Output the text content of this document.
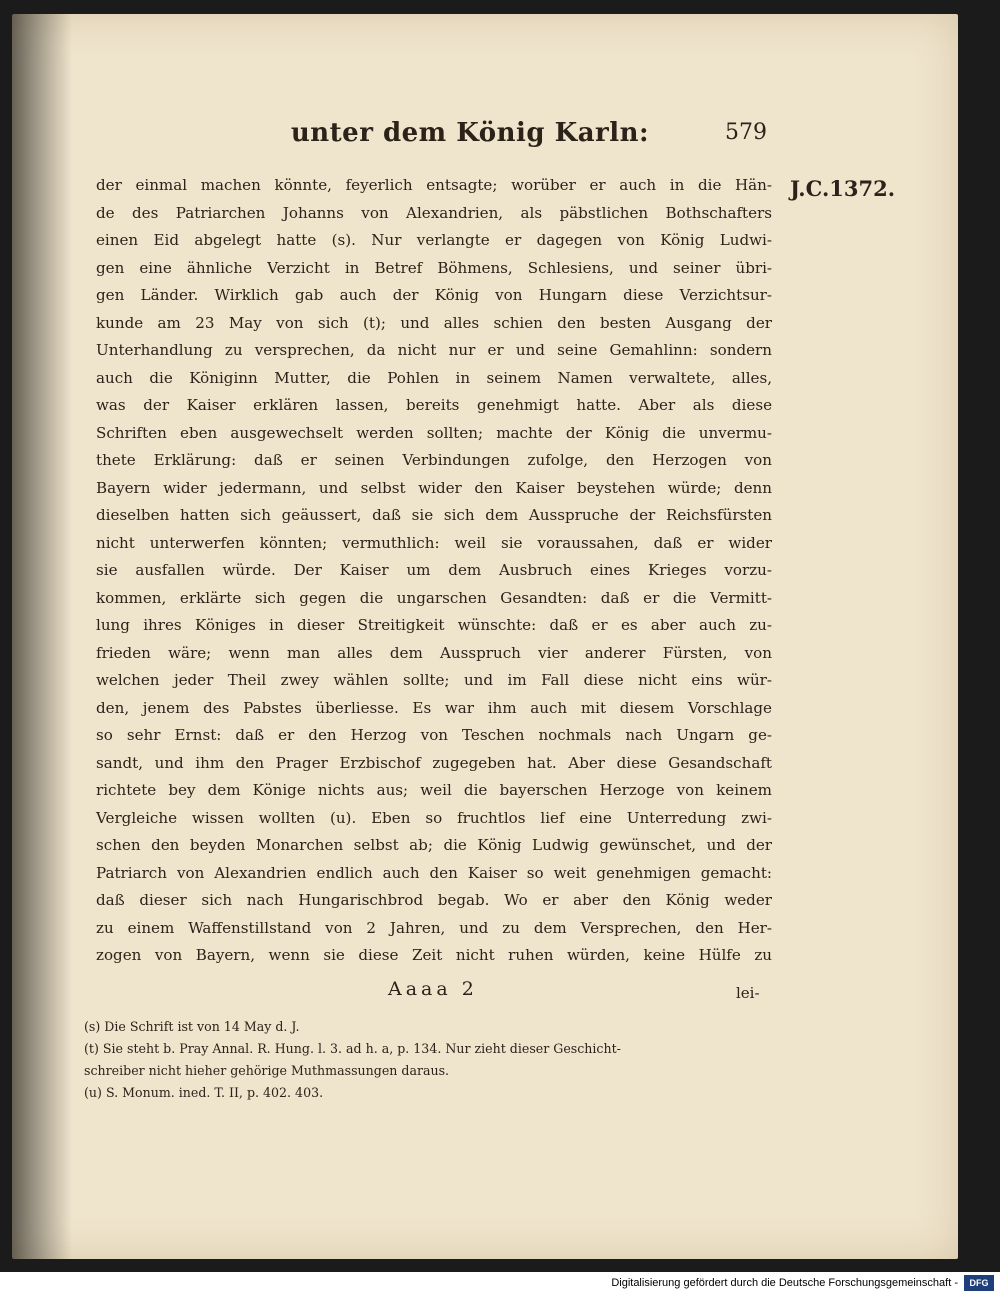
unter dem König Karln:	579
J.C.1372.
der einmal machen könnte, feyerlich entsagte; worüber er auch in die Hän-
de des Patriarchen Johanns von Alexandrien, als päbstlichen Bothschafters
einen Eid abgelegt hatte (s). Nur verlangte er dagegen von König Ludwi-
gen eine ähnliche Verzicht in Betref Böhmens, Schlesiens, und seiner übri-
gen Länder. Wirklich gab auch der König von Hungarn diese Verzichtsur-
kunde am 23 May von sich (t); und alles schien den besten Ausgang der
Unterhandlung zu versprechen, da nicht nur er und seine Gemahlinn: sondern
auch die Königinn Mutter, die Pohlen in seinem Namen verwaltete, alles,
was der Kaiser erklären lassen, bereits genehmigt hatte. Aber als diese
Schriften eben ausgewechselt werden sollten; machte der König die unvermu-
thete Erklärung: daß er seinen Verbindungen zufolge, den Herzogen von
Bayern wider jedermann, und selbst wider den Kaiser beystehen würde; denn
dieselben hatten sich geäussert, daß sie sich dem Ausspruche der Reichsfürsten
nicht unterwerfen könnten; vermuthlich: weil sie voraussahen, daß er wider
sie ausfallen würde. Der Kaiser um dem Ausbruch eines Krieges vorzu-
kommen, erklärte sich gegen die ungarschen Gesandten: daß er die Vermitt-
lung ihres Königes in dieser Streitigkeit wünschte: daß er es aber auch zu-
frieden wäre; wenn man alles dem Ausspruch vier anderer Fürsten, von
welchen jeder Theil zwey wählen sollte; und im Fall diese nicht eins wür-
den, jenem des Pabstes überliesse. Es war ihm auch mit diesem Vorschlage
so sehr Ernst: daß er den Herzog von Teschen nochmals nach Ungarn ge-
sandt, und ihm den Prager Erzbischof zugegeben hat. Aber diese Gesandschaft
richtete bey dem Könige nichts aus; weil die bayerschen Herzoge von keinem
Vergleiche wissen wollten (u). Eben so fruchtlos lief eine Unterredung zwi-
schen den beyden Monarchen selbst ab; die König Ludwig gewünschet, und der
Patriarch von Alexandrien endlich auch den Kaiser so weit genehmigen gemacht:
daß dieser sich nach Hungarischbrod begab. Wo er aber den König weder
zu einem Waffenstillstand von 2 Jahren, und zu dem Versprechen, den Her-
zogen von Bayern, wenn sie diese Zeit nicht ruhen würden, keine Hülfe zu
Aaaa 2	lei-
(s) Die Schrift ist von 14 May d. J.
(t) Sie steht b. Pray Annal. R. Hung. l. 3. ad h. a, p. 134. Nur zieht dieser Geschicht-
schreiber nicht hieher gehörige Muthmassungen daraus.
(u) S. Monum. ined. T. II, p. 402. 403.
Digitalisierung gefördert durch die Deutsche Forschungsgemeinschaft -	DFG
